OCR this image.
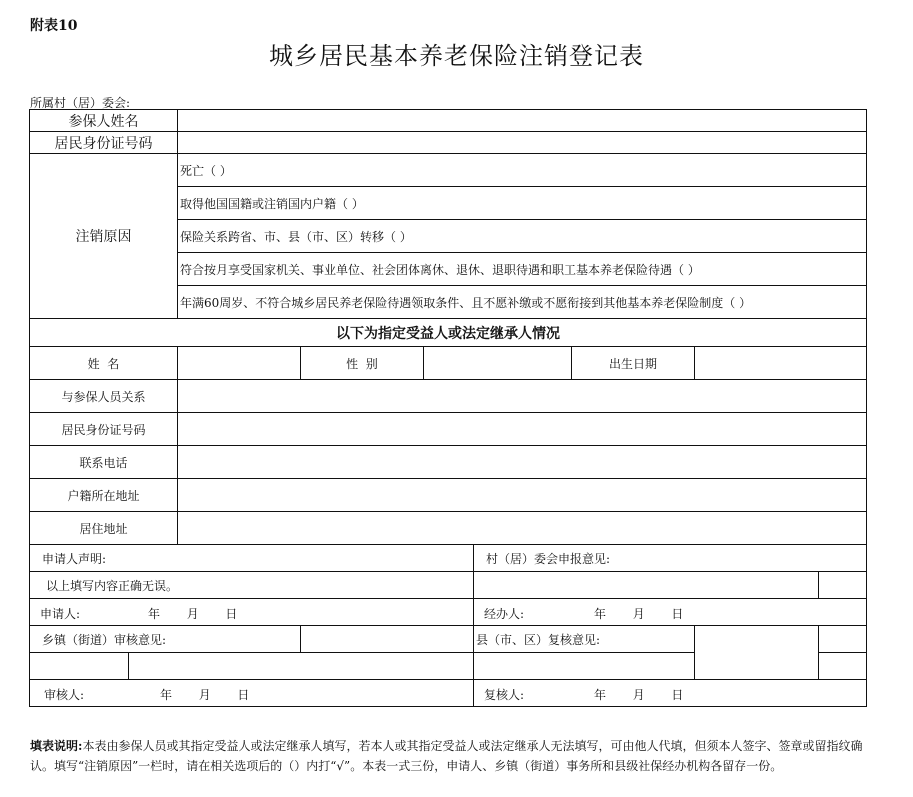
附表10
城乡居民基本养老保险注销登记表
所属村（居）委会:
参保人姓名
居民身份证号码
注销原因
死亡（ ）
取得他国国籍或注销国内户籍（ ）
保险关系跨省、市、县（市、区）转移（ ）
符合按月享受国家机关、事业单位、社会团体离休、退休、退职待遇和职工基本养老保险待遇（ ）
年满60周岁、不符合城乡居民养老保险待遇领取条件、且不愿补缴或不愿衔接到其他基本养老保险制度（ ）
以下为指定受益人或法定继承人情况
姓  名	性  别	出生日期
与参保人员关系
居民身份证号码
联系电话
户籍所在地址
居住地址
申请人声明:	村（居）委会申报意见:
以上填写内容正确无误。
申请人:	年       月       日	经办人:	年       月       日
乡镇（街道）审核意见:	县（市、区）复核意见:
审核人:	年       月       日	复核人:	年       月       日
填表说明:本表由参保人员或其指定受益人或法定继承人填写，若本人或其指定受益人或法定继承人无法填写，可由他人代填，但须本人签字、签章或留指纹确认。填写“注销原因”一栏时，请在相关选项后的（）内打“√”。本表一式三份，申请人、乡镇（街道）事务所和县级社保经办机构各留存一份。
